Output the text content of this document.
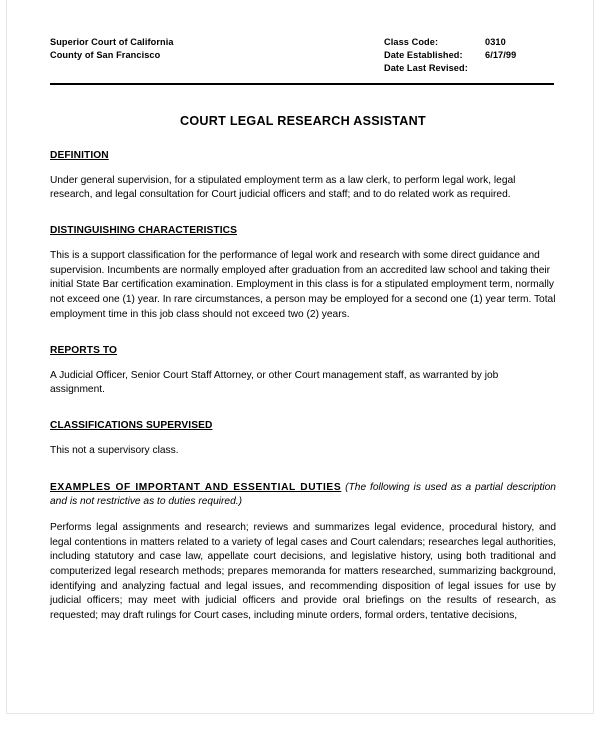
Superior Court of California
County of San Francisco
Class Code:	0310
Date Established:	6/17/99
Date Last Revised:
COURT LEGAL RESEARCH ASSISTANT
DEFINITION
Under general supervision, for a stipulated employment term as a law clerk, to perform legal work, legal research, and legal consultation for Court judicial officers and staff; and to do related work as required.
DISTINGUISHING CHARACTERISTICS
This is a support classification for the performance of legal work and research with some direct guidance and supervision. Incumbents are normally employed after graduation from an accredited law school and taking their initial State Bar certification examination. Employment in this class is for a stipulated employment term, normally not exceed one (1) year. In rare circumstances, a person may be employed for a second one (1) year term. Total employment time in this job class should not exceed two (2) years.
REPORTS TO
A Judicial Officer, Senior Court Staff Attorney, or other Court management staff, as warranted by job assignment.
CLASSIFICATIONS SUPERVISED
This not a supervisory class.
EXAMPLES OF IMPORTANT AND ESSENTIAL DUTIES (The following is used as a partial description and is not restrictive as to duties required.)
Performs legal assignments and research; reviews and summarizes legal evidence, procedural history, and legal contentions in matters related to a variety of legal cases and Court calendars; researches legal authorities, including statutory and case law, appellate court decisions, and legislative history, using both traditional and computerized legal research methods; prepares memoranda for matters researched, summarizing background, identifying and analyzing factual and legal issues, and recommending disposition of legal issues for use by judicial officers; may meet with judicial officers and provide oral briefings on the results of research, as requested; may draft rulings for Court cases, including minute orders, formal orders, tentative decisions,
